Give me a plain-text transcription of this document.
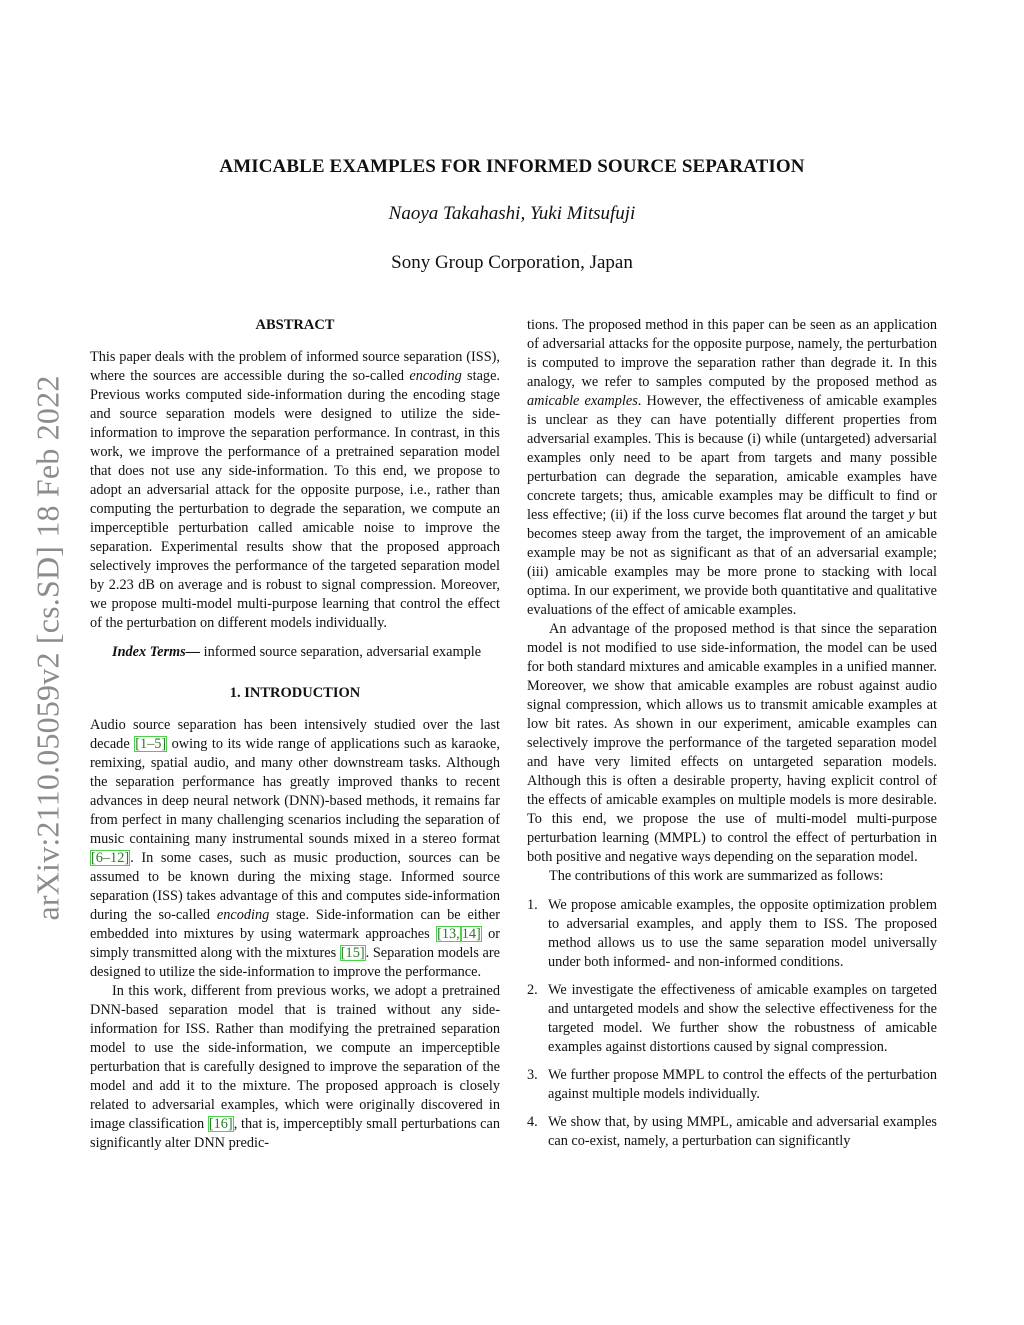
arXiv:2110.05059v2 [cs.SD] 18 Feb 2022
AMICABLE EXAMPLES FOR INFORMED SOURCE SEPARATION
Naoya Takahashi, Yuki Mitsufuji
Sony Group Corporation, Japan
ABSTRACT

This paper deals with the problem of informed source separation (ISS), where the sources are accessible during the so-called encoding stage. Previous works computed side-information during the encoding stage and source separation models were designed to utilize the side-information to improve the separation performance. In contrast, in this work, we improve the performance of a pretrained separation model that does not use any side-information. To this end, we propose to adopt an adversarial attack for the opposite purpose, i.e., rather than computing the perturbation to degrade the separation, we compute an imperceptible perturbation called amicable noise to improve the separation. Experimental results show that the proposed approach selectively improves the performance of the targeted separation model by 2.23 dB on average and is robust to signal compression. Moreover, we propose multi-model multi-purpose learning that control the effect of the perturbation on different models individually.

Index Terms— informed source separation, adversarial example

1. INTRODUCTION

Audio source separation has been intensively studied over the last decade [1–5] owing to its wide range of applications such as karaoke, remixing, spatial audio, and many other downstream tasks. Although the separation performance has greatly improved thanks to recent advances in deep neural network (DNN)-based methods, it remains far from perfect in many challenging scenarios including the separation of music containing many instrumental sounds mixed in a stereo format [6–12]. In some cases, such as music production, sources can be assumed to be known during the mixing stage. Informed source separation (ISS) takes advantage of this and computes side-information during the so-called encoding stage. Side-information can be either embedded into mixtures by using watermark approaches [13, 14] or simply transmitted along with the mixtures [15]. Separation models are designed to utilize the side-information to improve the performance.

In this work, different from previous works, we adopt a pretrained DNN-based separation model that is trained without any side-information for ISS. Rather than modifying the pretrained separation model to use the side-information, we compute an imperceptible perturbation that is carefully designed to improve the separation of the model and add it to the mixture. The proposed approach is closely related to adversarial examples, which were originally discovered in image classification [16], that is, imperceptibly small perturbations can significantly alter DNN predic-

tions. The proposed method in this paper can be seen as an application of adversarial attacks for the opposite purpose, namely, the perturbation is computed to improve the separation rather than degrade it. In this analogy, we refer to samples computed by the proposed method as amicable examples. However, the effectiveness of amicable examples is unclear as they can have potentially different properties from adversarial examples. This is because (i) while (untargeted) adversarial examples only need to be apart from targets and many possible perturbation can degrade the separation, amicable examples have concrete targets; thus, amicable examples may be difficult to find or less effective; (ii) if the loss curve becomes flat around the target y but becomes steep away from the target, the improvement of an amicable example may be not as significant as that of an adversarial example; (iii) amicable examples may be more prone to stacking with local optima. In our experiment, we provide both quantitative and qualitative evaluations of the effect of amicable examples.

An advantage of the proposed method is that since the separation model is not modified to use side-information, the model can be used for both standard mixtures and amicable examples in a unified manner. Moreover, we show that amicable examples are robust against audio signal compression, which allows us to transmit amicable examples at low bit rates. As shown in our experiment, amicable examples can selectively improve the performance of the targeted separation model and have very limited effects on untargeted separation models. Although this is often a desirable property, having explicit control of the effects of amicable examples on multiple models is more desirable. To this end, we propose the use of multi-model multi-purpose perturbation learning (MMPL) to control the effect of perturbation in both positive and negative ways depending on the separation model.

The contributions of this work are summarized as follows:

1. We propose amicable examples, the opposite optimization problem to adversarial examples, and apply them to ISS. The proposed method allows us to use the same separation model universally under both informed- and non-informed conditions.
2. We investigate the effectiveness of amicable examples on targeted and untargeted models and show the selective effectiveness for the targeted model. We further show the robustness of amicable examples against distortions caused by signal compression.
3. We further propose MMPL to control the effects of the perturbation against multiple models individually.
4. We show that, by using MMPL, amicable and adversarial examples can co-exist, namely, a perturbation can significantly
